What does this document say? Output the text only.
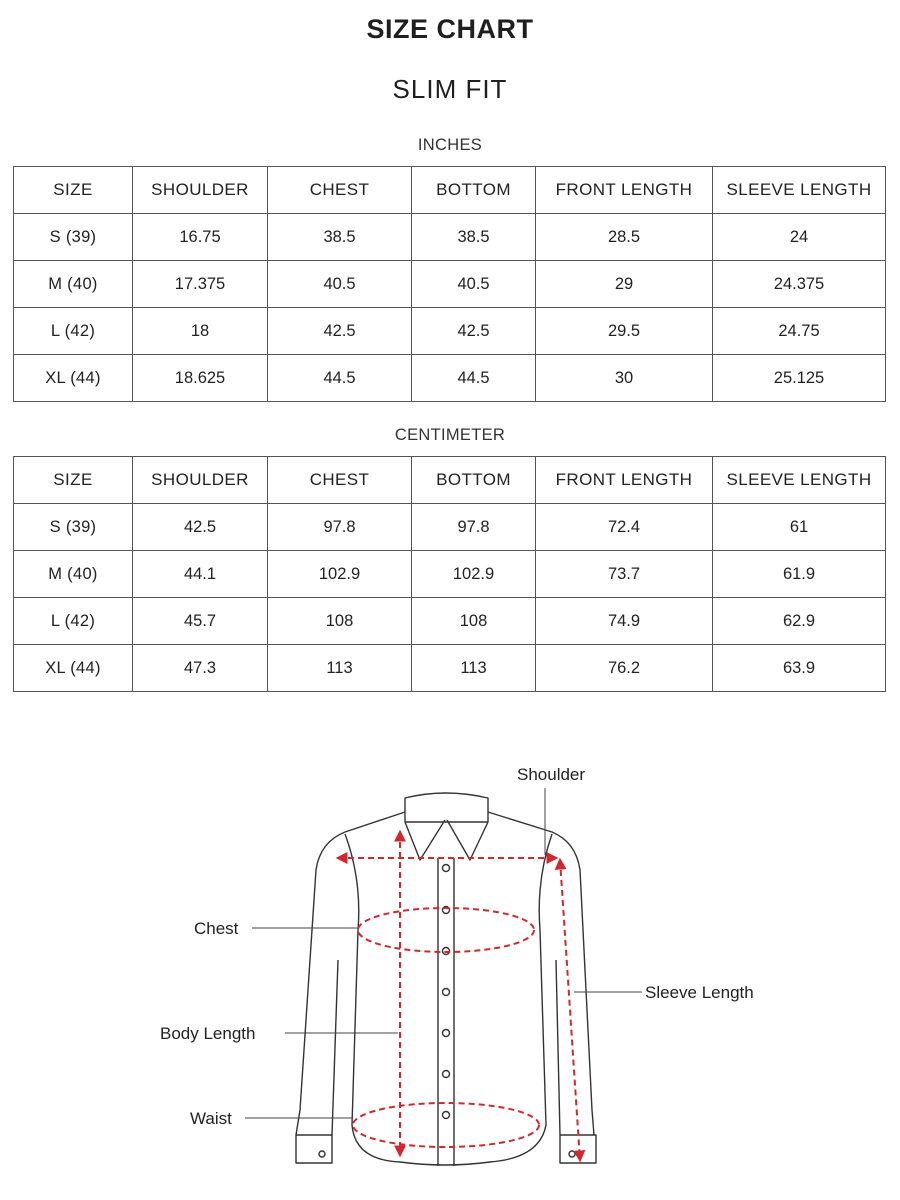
SIZE CHART
SLIM FIT
INCHES
SIZE	SHOULDER	CHEST	BOTTOM	FRONT LENGTH	SLEEVE LENGTH
S (39)	16.75	38.5	38.5	28.5	24
M (40)	17.375	40.5	40.5	29	24.375
L (42)	18	42.5	42.5	29.5	24.75
XL (44)	18.625	44.5	44.5	30	25.125
CENTIMETER
SIZE	SHOULDER	CHEST	BOTTOM	FRONT LENGTH	SLEEVE LENGTH
S (39)	42.5	97.8	97.8	72.4	61
M (40)	44.1	102.9	102.9	73.7	61.9
L (42)	45.7	108	108	74.9	62.9
XL (44)	47.3	113	113	76.2	63.9
Shoulder
Chest
Sleeve Length
Body Length
Waist
